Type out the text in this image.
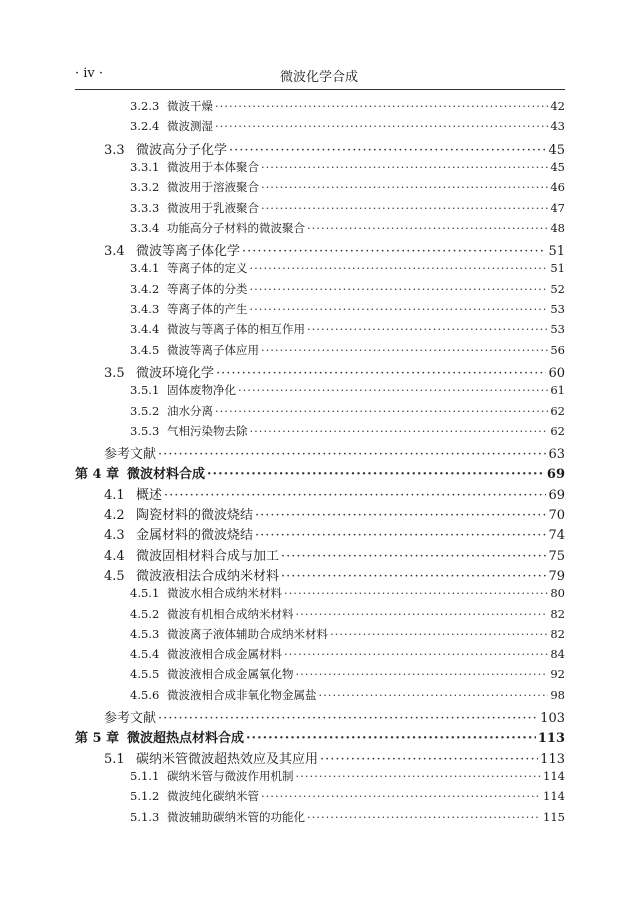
· iv ·	微波化学合成
3.2.3 微波干燥 ·····	42
3.2.4 微波测湿 ·····	43
3.3 微波高分子化学 ·····	45
3.3.1 微波用于本体聚合 ·····	45
3.3.2 微波用于溶液聚合 ·····	46
3.3.3 微波用于乳液聚合 ·····	47
3.3.4 功能高分子材料的微波聚合 ·····	48
3.4 微波等离子体化学 ·····	51
3.4.1 等离子体的定义 ·····	51
3.4.2 等离子体的分类 ·····	52
3.4.3 等离子体的产生 ·····	53
3.4.4 微波与等离子体的相互作用 ·····	53
3.4.5 微波等离子体应用 ·····	56
3.5 微波环境化学 ·····	60
3.5.1 固体废物净化 ·····	61
3.5.2 油水分离 ·····	62
3.5.3 气相污染物去除 ·····	62
参考文献 ·····	63
第 4 章 微波材料合成 ·····	69
4.1 概述 ·····	69
4.2 陶瓷材料的微波烧结 ·····	70
4.3 金属材料的微波烧结 ·····	74
4.4 微波固相材料合成与加工 ·····	75
4.5 微波液相法合成纳米材料 ·····	79
4.5.1 微波水相合成纳米材料 ·····	80
4.5.2 微波有机相合成纳米材料 ·····	82
4.5.3 微波离子液体辅助合成纳米材料 ·····	82
4.5.4 微波液相合成金属材料 ·····	84
4.5.5 微波液相合成金属氧化物 ·····	92
4.5.6 微波液相合成非氧化物金属盐 ·····	98
参考文献 ·····	103
第 5 章 微波超热点材料合成 ·····	113
5.1 碳纳米管微波超热效应及其应用 ·····	113
5.1.1 碳纳米管与微波作用机制 ·····	114
5.1.2 微波纯化碳纳米管 ·····	114
5.1.3 微波辅助碳纳米管的功能化 ·····	115
